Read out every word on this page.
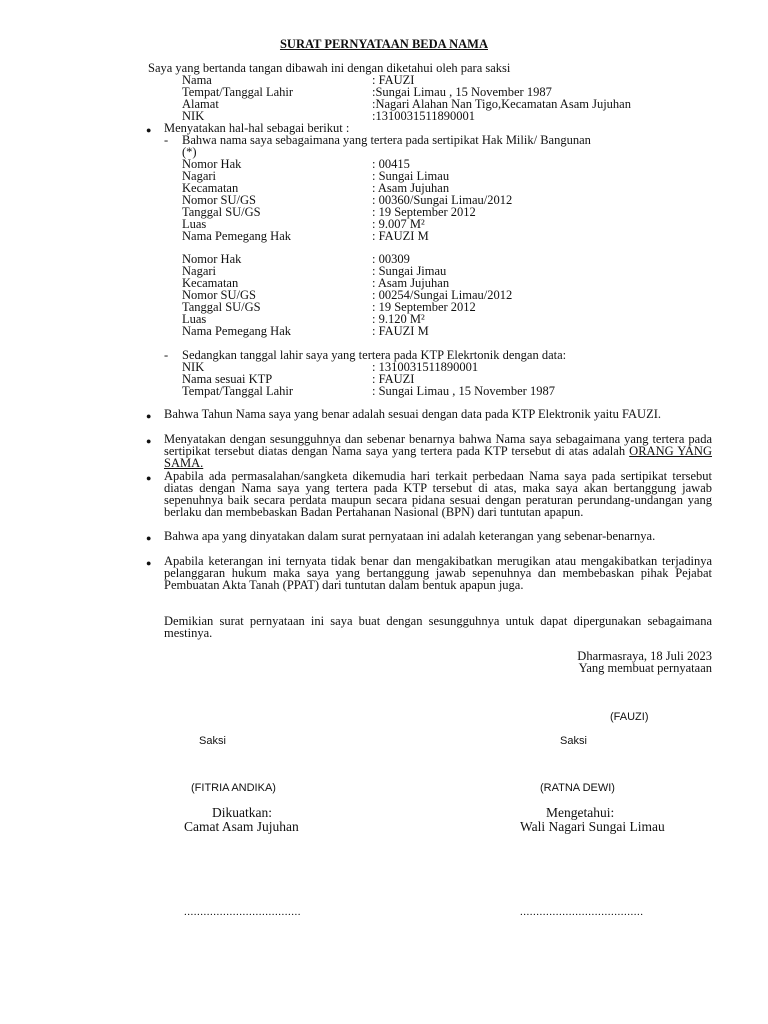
SURAT PERNYATAAN BEDA NAMA
Saya yang bertanda tangan dibawah ini dengan diketahui oleh para saksi
Nama	: FAUZI
Tempat/Tanggal Lahir	:Sungai Limau , 15 November 1987
Alamat	:Nagari Alahan Nan Tigo,Kecamatan Asam Jujuhan
NIK	:1310031511890001
● Menyatakan hal-hal sebagai berikut :
- Bahwa nama saya sebagaimana yang tertera pada sertipikat Hak Milik/ Bangunan
(*)
Nomor Hak	: 00415
Nagari	: Sungai Limau
Kecamatan	: Asam Jujuhan
Nomor SU/GS	: 00360/Sungai Limau/2012
Tanggal SU/GS	: 19 September 2012
Luas	: 9.007 M²
Nama Pemegang Hak	: FAUZI M
Nomor Hak	: 00309
Nagari	: Sungai Jimau
Kecamatan	: Asam Jujuhan
Nomor SU/GS	: 00254/Sungai Limau/2012
Tanggal SU/GS	: 19 September 2012
Luas	: 9.120 M²
Nama Pemegang Hak	: FAUZI M
- Sedangkan tanggal lahir saya yang tertera pada KTP Elekrtonik dengan data:
NIK	: 1310031511890001
Nama sesuai KTP	: FAUZI
Tempat/Tanggal Lahir	: Sungai Limau , 15 November 1987
● Bahwa Tahun Nama saya yang benar adalah sesuai dengan data pada KTP Elektronik yaitu FAUZI.
● Menyatakan dengan sesungguhnya dan sebenar benarnya bahwa Nama saya sebagaimana yang tertera pada sertipikat tersebut diatas dengan Nama saya yang tertera pada KTP tersebut di atas adalah ORANG YANG SAMA.
● Apabila ada permasalahan/sangketa dikemudia hari terkait perbedaan Nama saya pada sertipikat tersebut diatas dengan Nama saya yang tertera pada KTP tersebut di atas, maka saya akan bertanggung jawab sepenuhnya baik secara perdata maupun secara pidana sesuai dengan peraturan perundang-undangan yang berlaku dan membebaskan Badan Pertahanan Nasional (BPN) dari tuntutan apapun.
● Bahwa apa yang dinyatakan dalam surat pernyataan ini adalah keterangan yang sebenar-benarnya.
● Apabila keterangan ini ternyata tidak benar dan mengakibatkan merugikan atau mengakibatkan terjadinya pelanggaran hukum maka saya yang bertanggung jawab sepenuhnya dan membebaskan pihak Pejabat Pembuatan Akta Tanah (PPAT) dari tuntutan dalam bentuk apapun juga.
Demikian surat pernyataan ini saya buat dengan sesungguhnya untuk dapat dipergunakan sebagaimana mestinya.
Dharmasraya, 18 Juli 2023
Yang membuat pernyataan
(FAUZI)
Saksi	Saksi
(FITRIA ANDIKA)	(RATNA DEWI)
Dikuatkan:
Camat Asam Jujuhan
Mengetahui:
Wali Nagari Sungai Limau
....................................	......................................
